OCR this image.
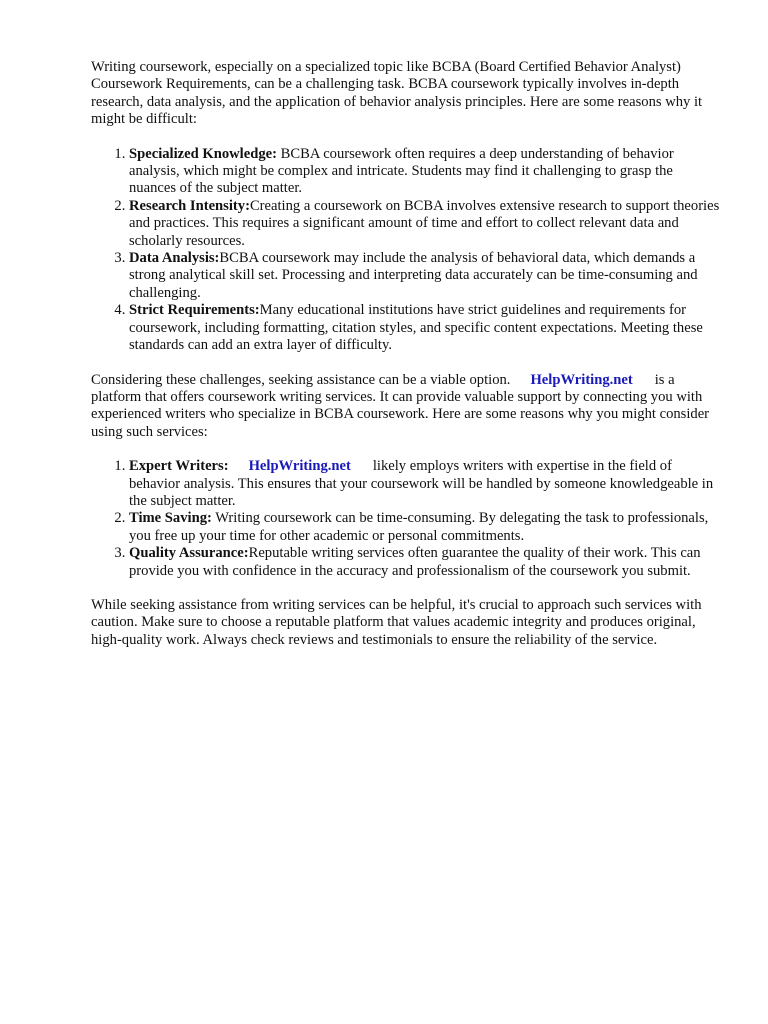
Writing coursework, especially on a specialized topic like BCBA (Board Certified Behavior Analyst) Coursework Requirements, can be a challenging task. BCBA coursework typically involves in-depth research, data analysis, and the application of behavior analysis principles. Here are some reasons why it might be difficult:

1. Specialized Knowledge: BCBA coursework often requires a deep understanding of behavior analysis, which might be complex and intricate. Students may find it challenging to grasp the nuances of the subject matter.
2. Research Intensity:Creating a coursework on BCBA involves extensive research to support theories and practices. This requires a significant amount of time and effort to collect relevant data and scholarly resources.
3. Data Analysis:BCBA coursework may include the analysis of behavioral data, which demands a strong analytical skill set. Processing and interpreting data accurately can be time-consuming and challenging.
4. Strict Requirements:Many educational institutions have strict guidelines and requirements for coursework, including formatting, citation styles, and specific content expectations. Meeting these standards can add an extra layer of difficulty.

Considering these challenges, seeking assistance can be a viable option. HelpWriting.net is a platform that offers coursework writing services. It can provide valuable support by connecting you with experienced writers who specialize in BCBA coursework. Here are some reasons why you might consider using such services:

1. Expert Writers: HelpWriting.net likely employs writers with expertise in the field of behavior analysis. This ensures that your coursework will be handled by someone knowledgeable in the subject matter.
2. Time Saving: Writing coursework can be time-consuming. By delegating the task to professionals, you free up your time for other academic or personal commitments.
3. Quality Assurance:Reputable writing services often guarantee the quality of their work. This can provide you with confidence in the accuracy and professionalism of the coursework you submit.

While seeking assistance from writing services can be helpful, it's crucial to approach such services with caution. Make sure to choose a reputable platform that values academic integrity and produces original, high-quality work. Always check reviews and testimonials to ensure the reliability of the service.
